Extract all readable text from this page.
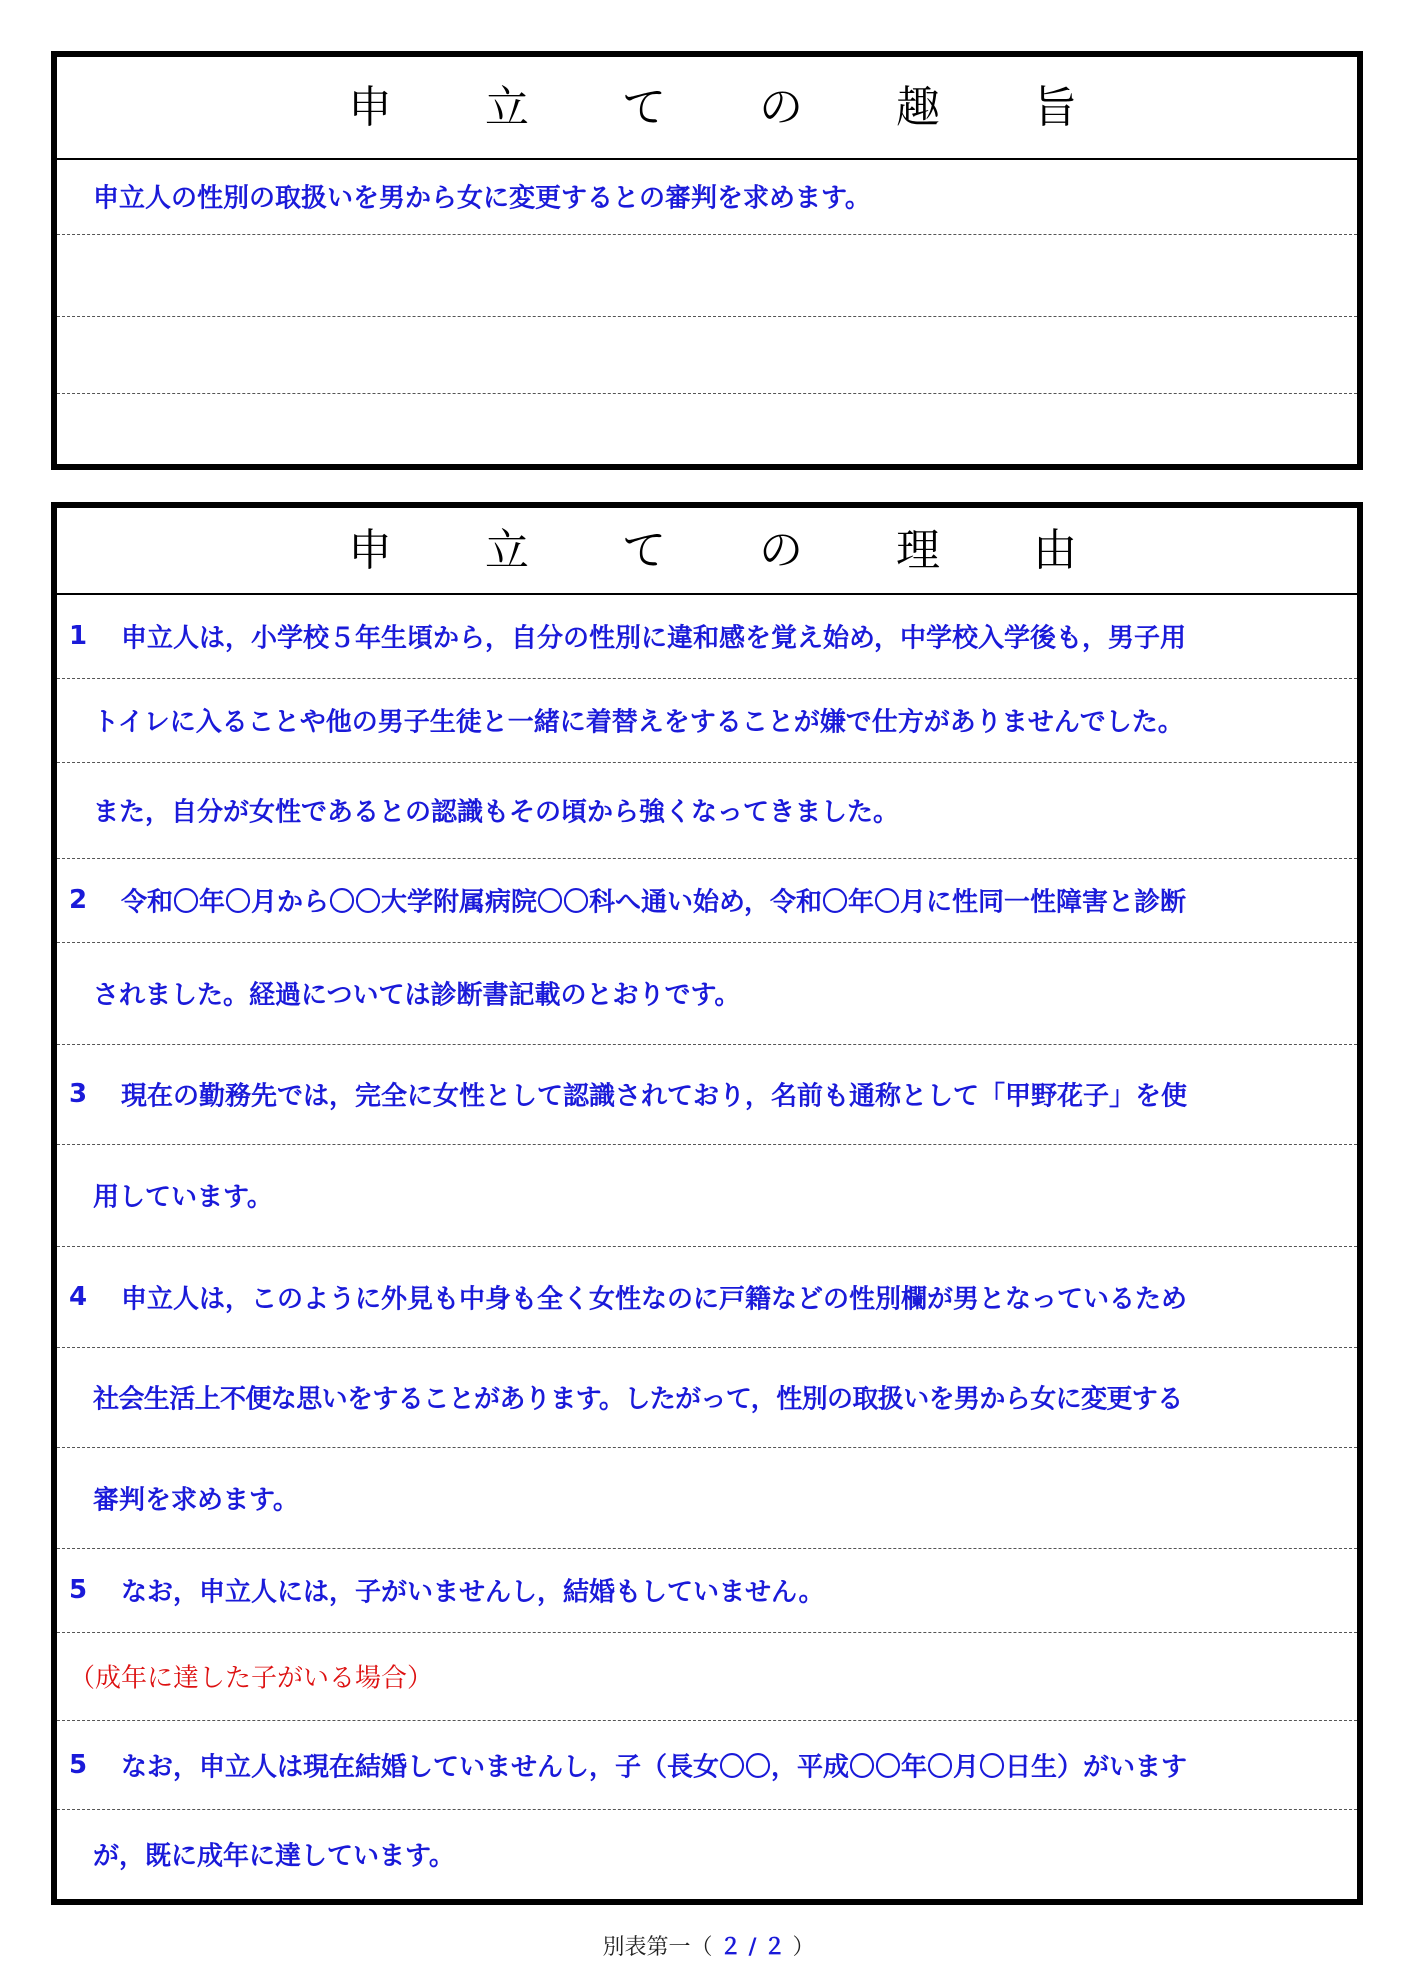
申 立 て の 趣 旨
申立人の性別の取扱いを男から女に変更するとの審判を求めます。
申 立 て の 理 由
1 申立人は，小学校５年生頃から，自分の性別に違和感を覚え始め，中学校入学後も，男子用
トイレに入ることや他の男子生徒と一緒に着替えをすることが嫌で仕方がありませんでした。
また，自分が女性であるとの認識もその頃から強くなってきました。
2 令和〇年〇月から〇〇大学附属病院〇〇科へ通い始め，令和〇年〇月に性同一性障害と診断
されました。経過については診断書記載のとおりです。
3 現在の勤務先では，完全に女性として認識されており，名前も通称として「甲野花子」を使
用しています。
4 申立人は，このように外見も中身も全く女性なのに戸籍などの性別欄が男となっているため
社会生活上不便な思いをすることがあります。したがって，性別の取扱いを男から女に変更する
審判を求めます。
5 なお，申立人には，子がいませんし，結婚もしていません。
（成年に達した子がいる場合）
5 なお，申立人は現在結婚していませんし，子（長女〇〇，平成〇〇年〇月〇日生）がいます
が，既に成年に達しています。
別表第一（ ２ / ２ ）
